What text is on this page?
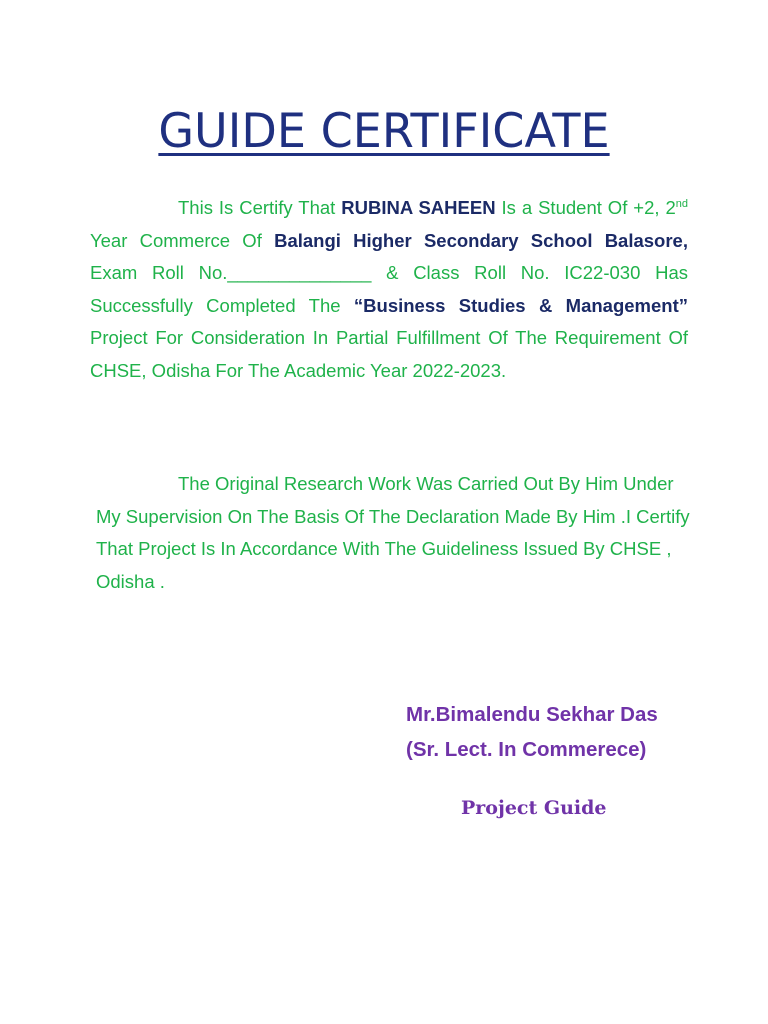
GUIDE CERTIFICATE
This Is Certify That RUBINA SAHEEN Is a Student Of +2, 2nd Year Commerce Of Balangi Higher Secondary School Balasore, Exam Roll No.______________ & Class Roll No. IC22-030 Has Successfully Completed The “Business Studies & Management” Project For Consideration In Partial Fulfillment Of The Requirement Of CHSE, Odisha For The Academic Year 2022-2023.
The Original Research Work Was Carried Out By Him Under My Supervision On The Basis Of The Declaration Made By Him .I Certify That Project Is In Accordance With The Guideliness Issued By CHSE , Odisha .
Mr.Bimalendu Sekhar Das
(Sr. Lect. In Commerece)
Project Guide
